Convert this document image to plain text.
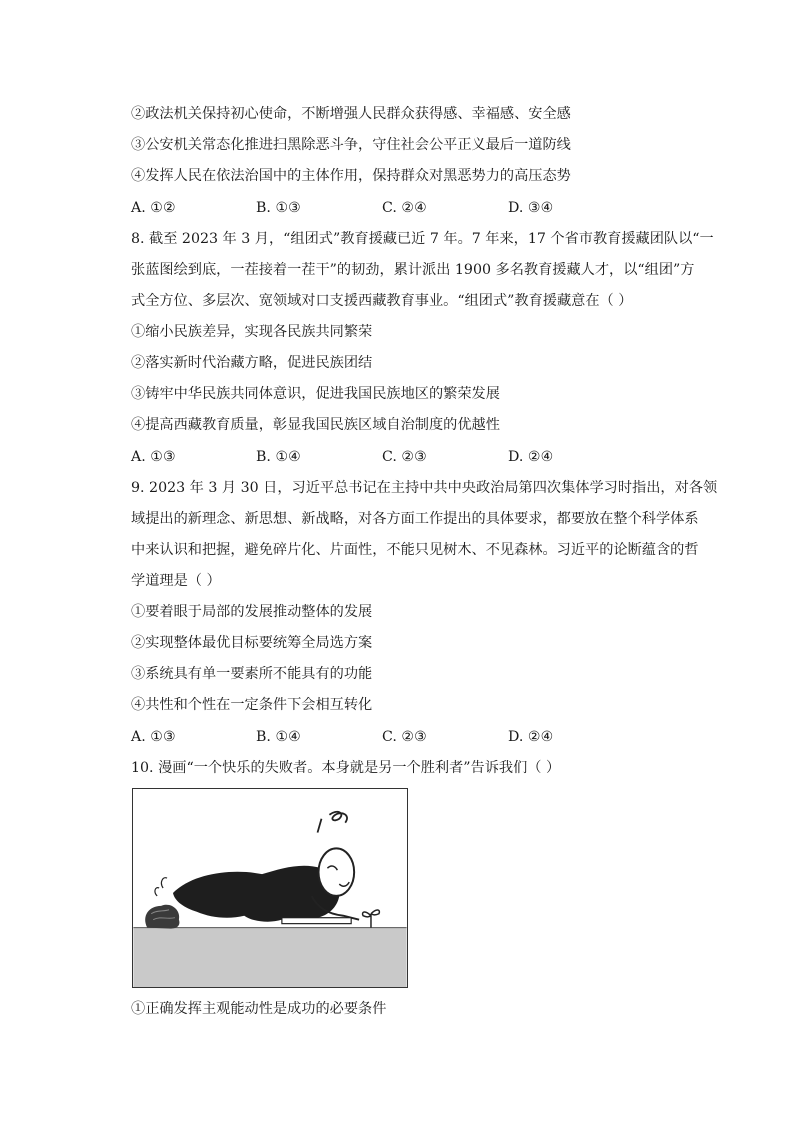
②政法机关保持初心使命，不断增强人民群众获得感、幸福感、安全感
③公安机关常态化推进扫黑除恶斗争，守住社会公平正义最后一道防线
④发挥人民在依法治国中的主体作用，保持群众对黑恶势力的高压态势
A. ①②	B. ①③	C. ②④	D. ③④
8. 截至 2023 年 3 月，“组团式”教育援藏已近 7 年。7 年来，17 个省市教育援藏团队以“一
张蓝图绘到底，一茬接着一茬干”的韧劲，累计派出 1900 多名教育援藏人才，以“组团”方
式全方位、多层次、宽领域对口支援西藏教育事业。“组团式”教育援藏意在（ ）
①缩小民族差异，实现各民族共同繁荣
②落实新时代治藏方略，促进民族团结
③铸牢中华民族共同体意识，促进我国民族地区的繁荣发展
④提高西藏教育质量，彰显我国民族区域自治制度的优越性
A. ①③	B. ①④	C. ②③	D. ②④
9. 2023 年 3 月 30 日，习近平总书记在主持中共中央政治局第四次集体学习时指出，对各领
域提出的新理念、新思想、新战略，对各方面工作提出的具体要求，都要放在整个科学体系
中来认识和把握，避免碎片化、片面性，不能只见树木、不见森林。习近平的论断蕴含的哲
学道理是（ ）
①要着眼于局部的发展推动整体的发展
②实现整体最优目标要统筹全局选方案
③系统具有单一要素所不能具有的功能
④共性和个性在一定条件下会相互转化
A. ①③	B. ①④	C. ②③	D. ②④
10. 漫画“一个快乐的失败者。本身就是另一个胜利者”告诉我们（ ）
①正确发挥主观能动性是成功的必要条件
